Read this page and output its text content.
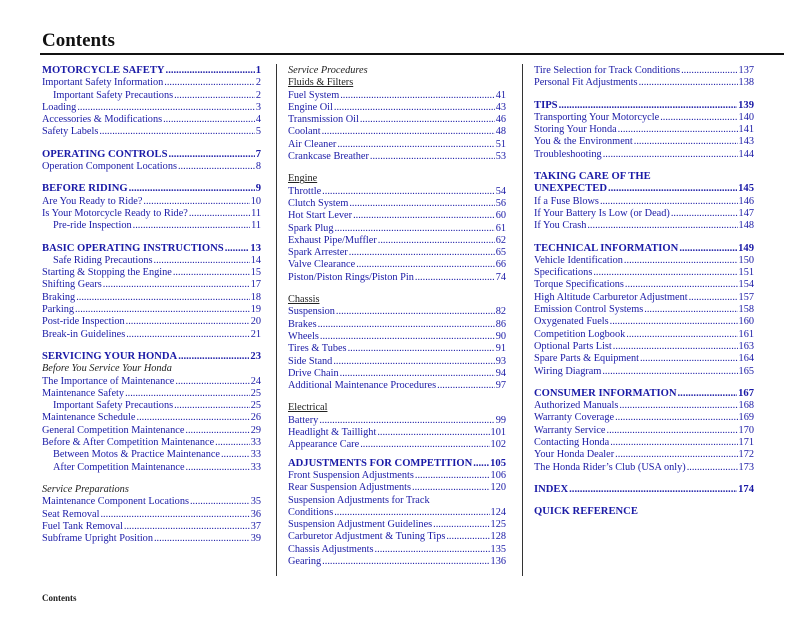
Contents
MOTORCYCLE SAFETY .....	1
Important Safety Information .....	2
Important Safety Precautions .....	2
Loading .....	3
Accessories & Modifications .....	4
Safety Labels .....	5
OPERATING CONTROLS .....	7
Operation Component Locations .....	8
BEFORE RIDING .....	9
Are You Ready to Ride? .....	10
Is Your Motorcycle Ready to Ride? .....	11
Pre-ride Inspection .....	11
BASIC OPERATING INSTRUCTIONS .....	13
Safe Riding Precautions .....	14
Starting & Stopping the Engine .....	15
Shifting Gears .....	17
Braking .....	18
Parking .....	19
Post-ride Inspection .....	20
Break-in Guidelines .....	21
SERVICING YOUR HONDA .....	23
Before You Service Your Honda
The Importance of Maintenance .....	24
Maintenance Safety .....	25
Important Safety Precautions .....	25
Maintenance Schedule .....	26
General Competition Maintenance .....	29
Before & After Competition Maintenance .....	33
Between Motos & Practice Maintenance .....	33
After Competition Maintenance .....	33
Service Preparations
Maintenance Component Locations .....	35
Seat Removal .....	36
Fuel Tank Removal .....	37
Subframe Upright Position .....	39
Service Procedures
Fluids & Filters
Fuel System .....	41
Engine Oil .....	43
Transmission Oil .....	46
Coolant .....	48
Air Cleaner .....	51
Crankcase Breather .....	53
Engine
Throttle .....	54
Clutch System .....	56
Hot Start Lever .....	60
Spark Plug .....	61
Exhaust Pipe/Muffler .....	62
Spark Arrester .....	65
Valve Clearance .....	66
Piston/Piston Rings/Piston Pin .....	74
Chassis
Suspension .....	82
Brakes .....	86
Wheels .....	90
Tires & Tubes .....	91
Side Stand .....	93
Drive Chain .....	94
Additional Maintenance Procedures .....	97
Electrical
Battery .....	99
Headlight & Taillight .....	101
Appearance Care .....	102
ADJUSTMENTS FOR COMPETITION ..... 105
Front Suspension Adjustments .....	106
Rear Suspension Adjustments .....	120
Suspension Adjustments for Track
Conditions .....	124
Suspension Adjustment Guidelines .....	125
Carburetor Adjustment & Tuning Tips .....	128
Chassis Adjustments .....	135
Gearing .....	136
Tire Selection for Track Conditions .....	137
Personal Fit Adjustments .....	138
TIPS .....	139
Transporting Your Motorcycle .....	140
Storing Your Honda .....	141
You & the Environment .....	143
Troubleshooting .....	144
TAKING CARE OF THE
UNEXPECTED .....	145
If a Fuse Blows .....	146
If Your Battery Is Low (or Dead) .....	147
If You Crash .....	148
TECHNICAL INFORMATION .....	149
Vehicle Identification .....	150
Specifications .....	151
Torque Specifications .....	154
High Altitude Carburetor Adjustment .....	157
Emission Control Systems .....	158
Oxygenated Fuels .....	160
Competition Logbook .....	161
Optional Parts List .....	163
Spare Parts & Equipment .....	164
Wiring Diagram .....	165
CONSUMER INFORMATION .....	167
Authorized Manuals .....	168
Warranty Coverage .....	169
Warranty Service .....	170
Contacting Honda .....	171
Your Honda Dealer .....	172
The Honda Rider’s Club (USA only) .....	173
INDEX .....	174
QUICK REFERENCE
Contents
